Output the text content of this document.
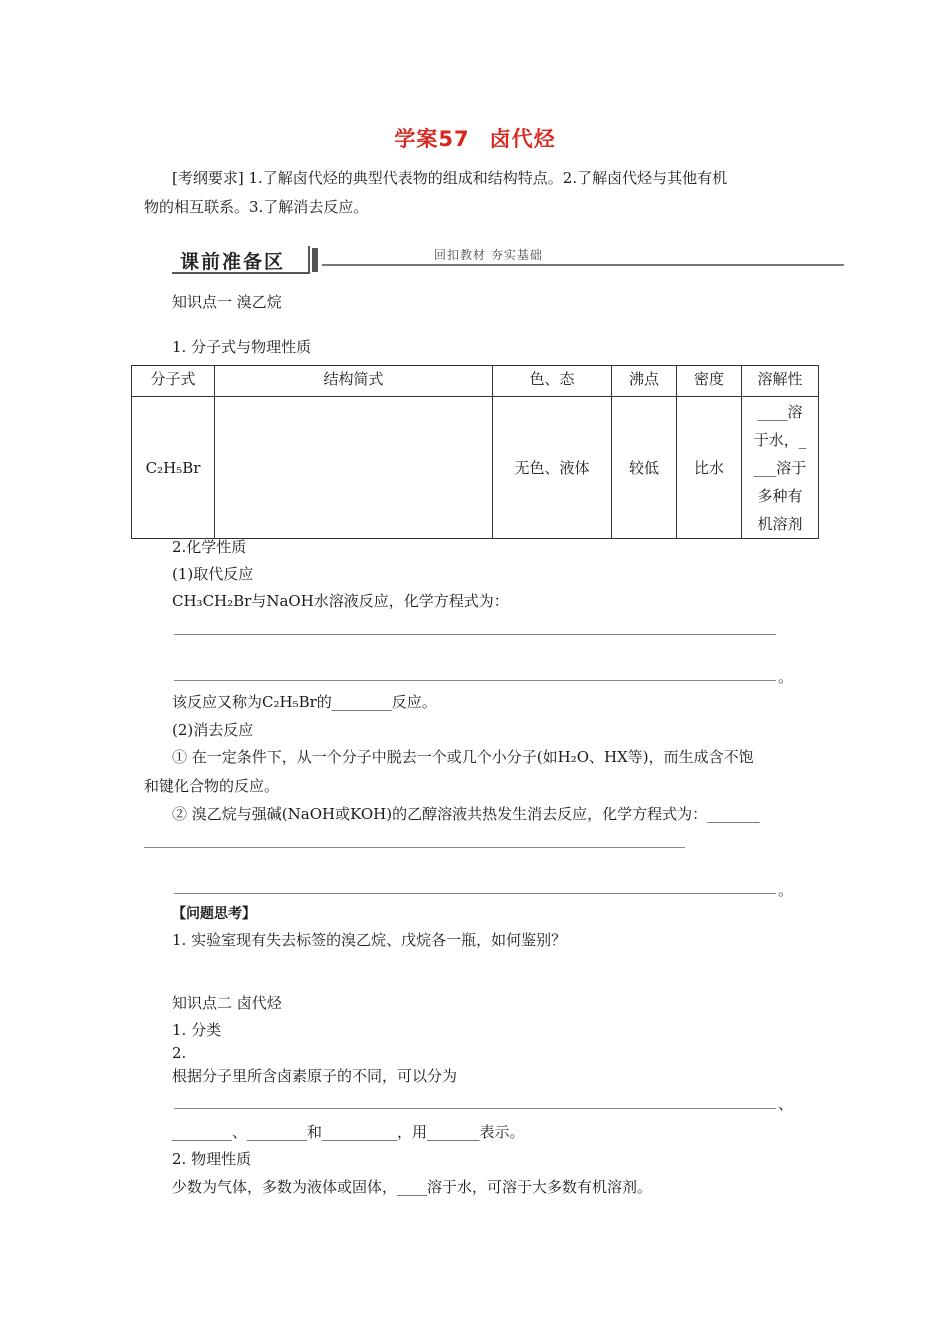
学案57 卤代烃
[考纲要求] 1.了解卤代烃的典型代表物的组成和结构特点。2.了解卤代烃与其他有机
物的相互联系。3.了解消去反应。
课前准备区	回扣教材 夯实基础
知识点一 溴乙烷
1. 分子式与物理性质
分子式	结构简式	色、态	沸点	密度	溶解性
C₂H₅Br		无色、液体	较低	比水	____溶
于水，_
___溶于
多种有
机溶剂
2.化学性质
(1)取代反应
CH₃CH₂Br与NaOH水溶液反应，化学方程式为：
。
该反应又称为C₂H₅Br的________反应。
(2)消去反应
① 在一定条件下，从一个分子中脱去一个或几个小分子(如H₂O、HX等)，而生成含不饱
和键化合物的反应。
② 溴乙烷与强碱(NaOH或KOH)的乙醇溶液共热发生消去反应，化学方程式为：_______
。
【问题思考】
1. 实验室现有失去标签的溴乙烷、戊烷各一瓶，如何鉴别？
知识点二 卤代烃
1. 分类
2.
根据分子里所含卤素原子的不同，可以分为
、
________、________和__________，用_______表示。
2. 物理性质
少数为气体，多数为液体或固体，____溶于水，可溶于大多数有机溶剂。
